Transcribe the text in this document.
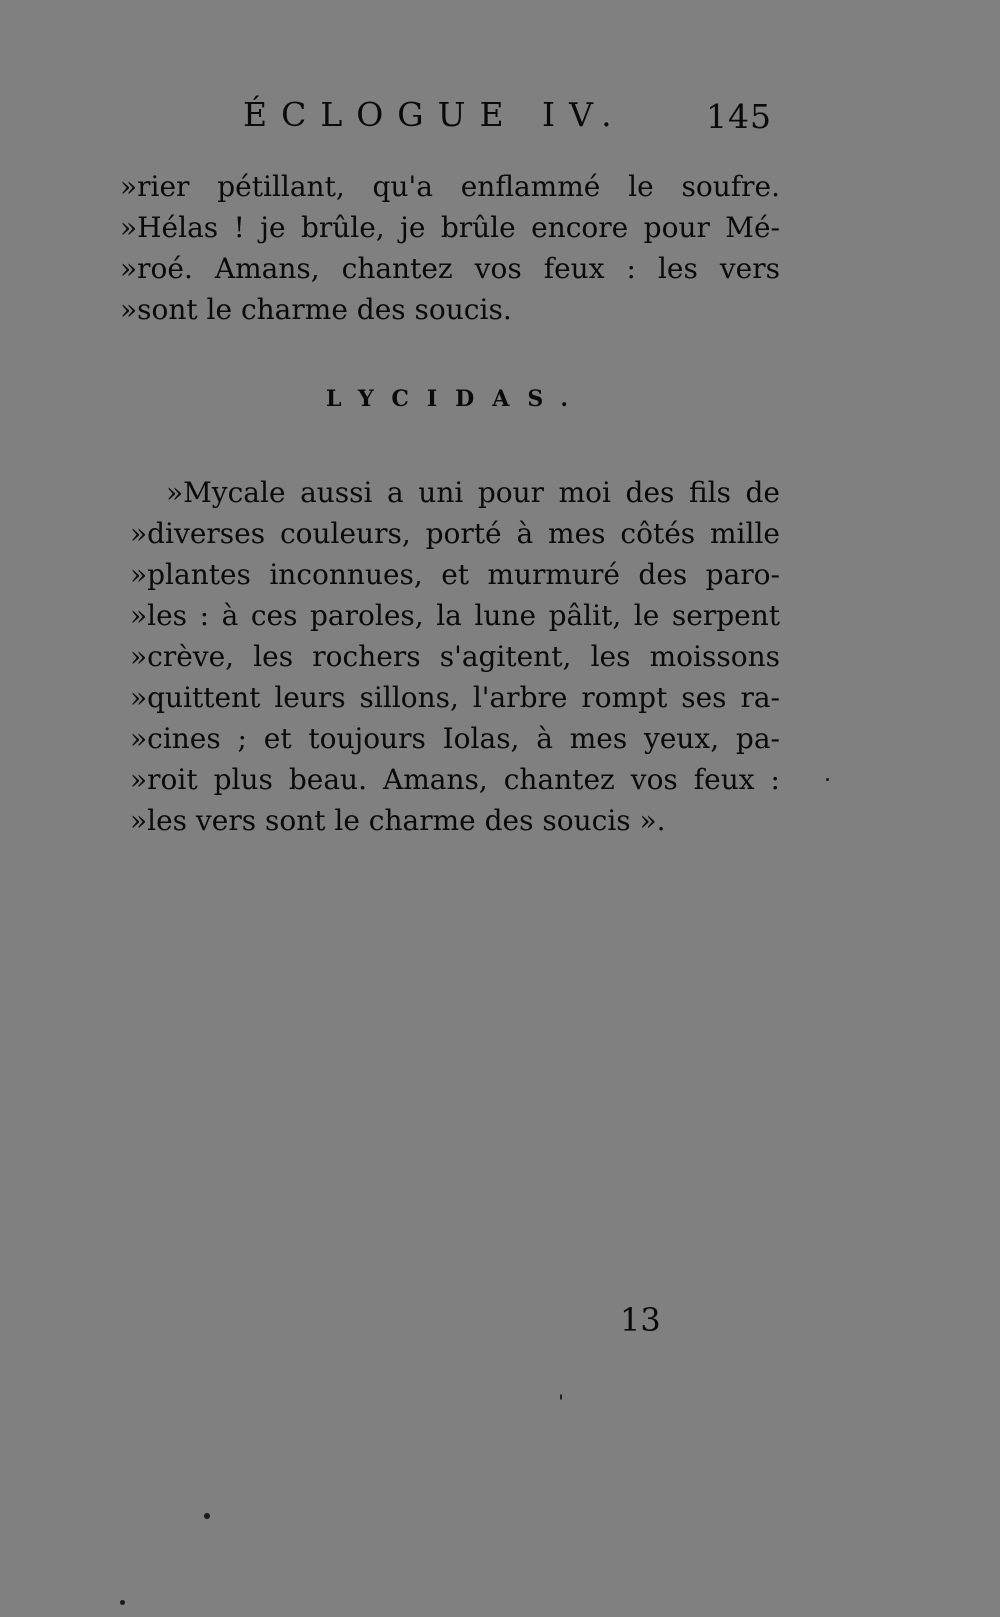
ÉCLOGUE IV. 145
»rier pétillant, qu'a enflammé le soufre.
»Hélas ! je brûle, je brûle encore pour Mé-
»roé. Amans, chantez vos feux : les vers
»sont le charme des soucis.
LYCIDAS.
»Mycale aussi a uni pour moi des fils de
»diverses couleurs, porté à mes côtés mille
»plantes inconnues, et murmuré des paro-
»les : à ces paroles, la lune pâlit, le serpent
»crève, les rochers s'agitent, les moissons
»quittent leurs sillons, l'arbre rompt ses ra-
»cines ; et toujours Iolas, à mes yeux, pa-
»roit plus beau. Amans, chantez vos feux :
»les vers sont le charme des soucis ».
13
